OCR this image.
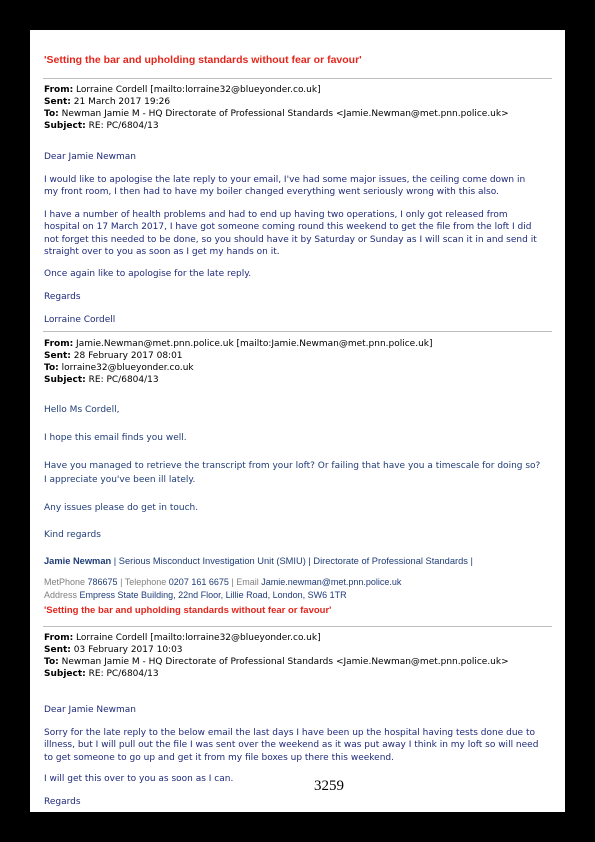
'Setting the bar and upholding standards without fear or favour'
From: Lorraine Cordell [mailto:lorraine32@blueyonder.co.uk]
Sent: 21 March 2017 19:26
To: Newman Jamie M - HQ Directorate of Professional Standards <Jamie.Newman@met.pnn.police.uk>
Subject: RE: PC/6804/13
Dear Jamie Newman
I would like to apologise the late reply to your email, I've had some major issues, the ceiling come down in my front room, I then had to have my boiler changed everything went seriously wrong with this also.
I have a number of health problems and had to end up having two operations, I only got released from hospital on 17 March 2017, I have got someone coming round this weekend to get the file from the loft I did not forget this needed to be done, so you should have it by Saturday or Sunday as I will scan it in and send it straight over to you as soon as I get my hands on it.
Once again like to apologise for the late reply.
Regards
Lorraine Cordell
From: Jamie.Newman@met.pnn.police.uk [mailto:Jamie.Newman@met.pnn.police.uk]
Sent: 28 February 2017 08:01
To: lorraine32@blueyonder.co.uk
Subject: RE: PC/6804/13
Hello Ms Cordell,
I hope this email finds you well.
Have you managed to retrieve the transcript from your loft? Or failing that have you a timescale for doing so?
I appreciate you've been ill lately.
Any issues please do get in touch.
Kind regards
Jamie Newman | Serious Misconduct Investigation Unit (SMIU) | Directorate of Professional Standards |
MetPhone 786675 | Telephone 0207 161 6675 | Email Jamie.newman@met.pnn.police.uk
Address Empress State Building, 22nd Floor, Lillie Road, London, SW6 1TR
'Setting the bar and upholding standards without fear or favour'
From: Lorraine Cordell [mailto:lorraine32@blueyonder.co.uk]
Sent: 03 February 2017 10:03
To: Newman Jamie M - HQ Directorate of Professional Standards <Jamie.Newman@met.pnn.police.uk>
Subject: RE: PC/6804/13
Dear Jamie Newman
Sorry for the late reply to the below email the last days I have been up the hospital having tests done due to illness, but I will pull out the file I was sent over the weekend as it was put away I think in my loft so will need to get someone to go up and get it from my file boxes up there this weekend.
I will get this over to you as soon as I can.	3259
Regards
